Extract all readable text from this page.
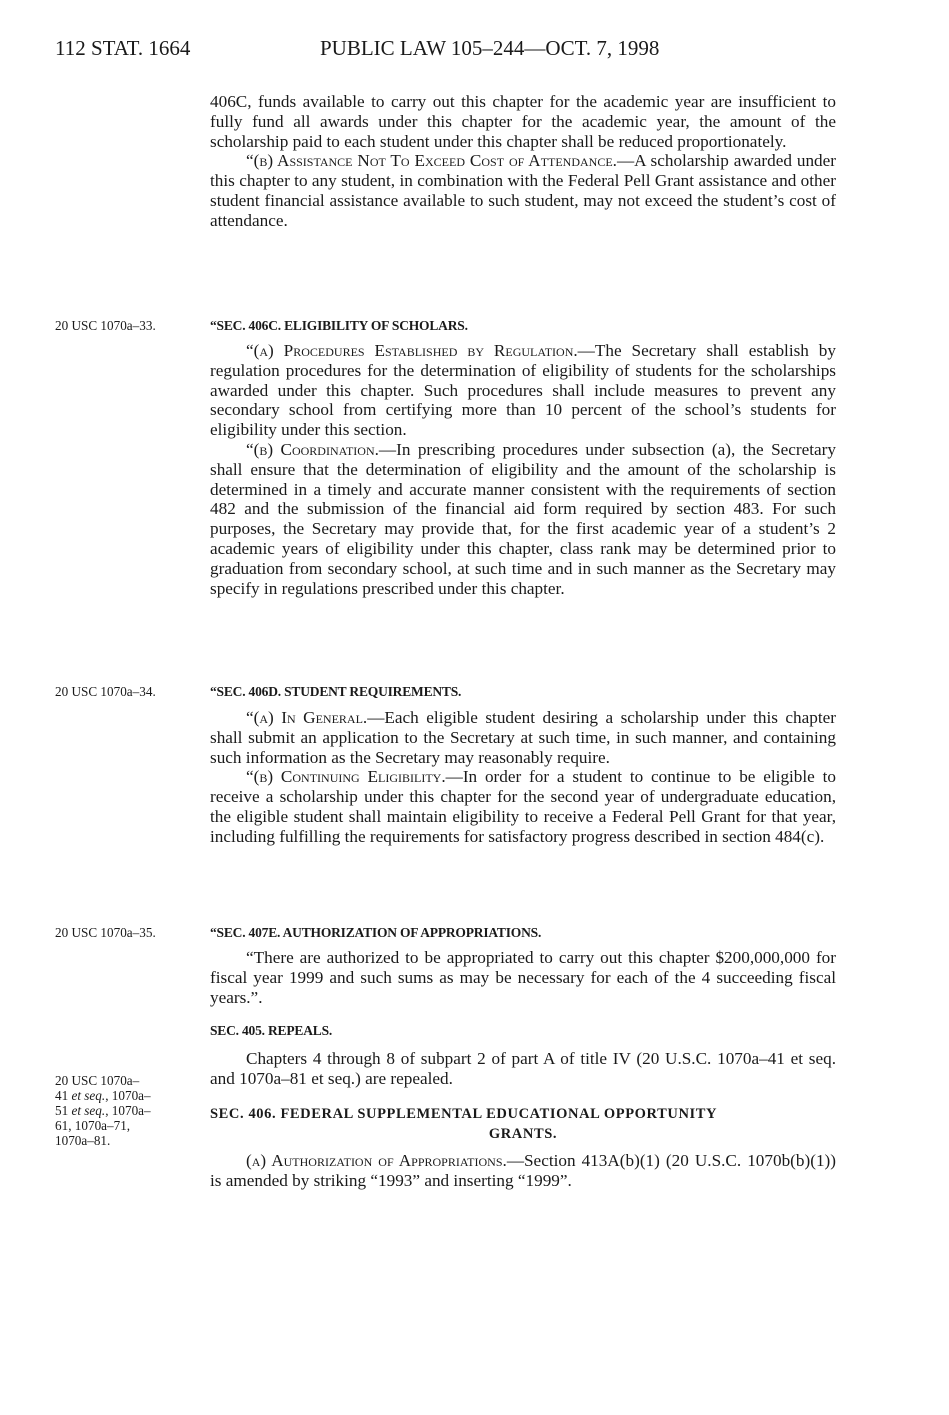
112 STAT. 1664	PUBLIC LAW 105–244—OCT. 7, 1998

406C, funds available to carry out this chapter for the academic year are insufficient to fully fund all awards under this chapter for the academic year, the amount of the scholarship paid to each student under this chapter shall be reduced proportionately.

“(b) Assistance Not To Exceed Cost of Attendance.—A scholarship awarded under this chapter to any student, in combination with the Federal Pell Grant assistance and other student financial assistance available to such student, may not exceed the student’s cost of attendance.

20 USC 1070a–33.	“SEC. 406C. ELIGIBILITY OF SCHOLARS.

“(a) Procedures Established by Regulation.—The Secretary shall establish by regulation procedures for the determination of eligibility of students for the scholarships awarded under this chapter. Such procedures shall include measures to prevent any secondary school from certifying more than 10 percent of the school’s students for eligibility under this section.

“(b) Coordination.—In prescribing procedures under subsection (a), the Secretary shall ensure that the determination of eligibility and the amount of the scholarship is determined in a timely and accurate manner consistent with the requirements of section 482 and the submission of the financial aid form required by section 483. For such purposes, the Secretary may provide that, for the first academic year of a student’s 2 academic years of eligibility under this chapter, class rank may be determined prior to graduation from secondary school, at such time and in such manner as the Secretary may specify in regulations prescribed under this chapter.

20 USC 1070a–34.	“SEC. 406D. STUDENT REQUIREMENTS.

“(a) In General.—Each eligible student desiring a scholarship under this chapter shall submit an application to the Secretary at such time, in such manner, and containing such information as the Secretary may reasonably require.

“(b) Continuing Eligibility.—In order for a student to continue to be eligible to receive a scholarship under this chapter for the second year of undergraduate education, the eligible student shall maintain eligibility to receive a Federal Pell Grant for that year, including fulfilling the requirements for satisfactory progress described in section 484(c).

20 USC 1070a–35.	“SEC. 407E. AUTHORIZATION OF APPROPRIATIONS.

“There are authorized to be appropriated to carry out this chapter $200,000,000 for fiscal year 1999 and such sums as may be necessary for each of the 4 succeeding fiscal years.”.

SEC. 405. REPEALS.

Chapters 4 through 8 of subpart 2 of part A of title IV (20 U.S.C. 1070a–41 et seq. and 1070a–81 et seq.) are repealed.

20 USC 1070a–
41 et seq., 1070a–
51 et seq., 1070a–
61, 1070a–71,
1070a–81.
SEC. 406. FEDERAL SUPPLEMENTAL EDUCATIONAL OPPORTUNITY
GRANTS.

(a) Authorization of Appropriations.—Section 413A(b)(1) (20 U.S.C. 1070b(b)(1)) is amended by striking “1993” and inserting “1999”.
